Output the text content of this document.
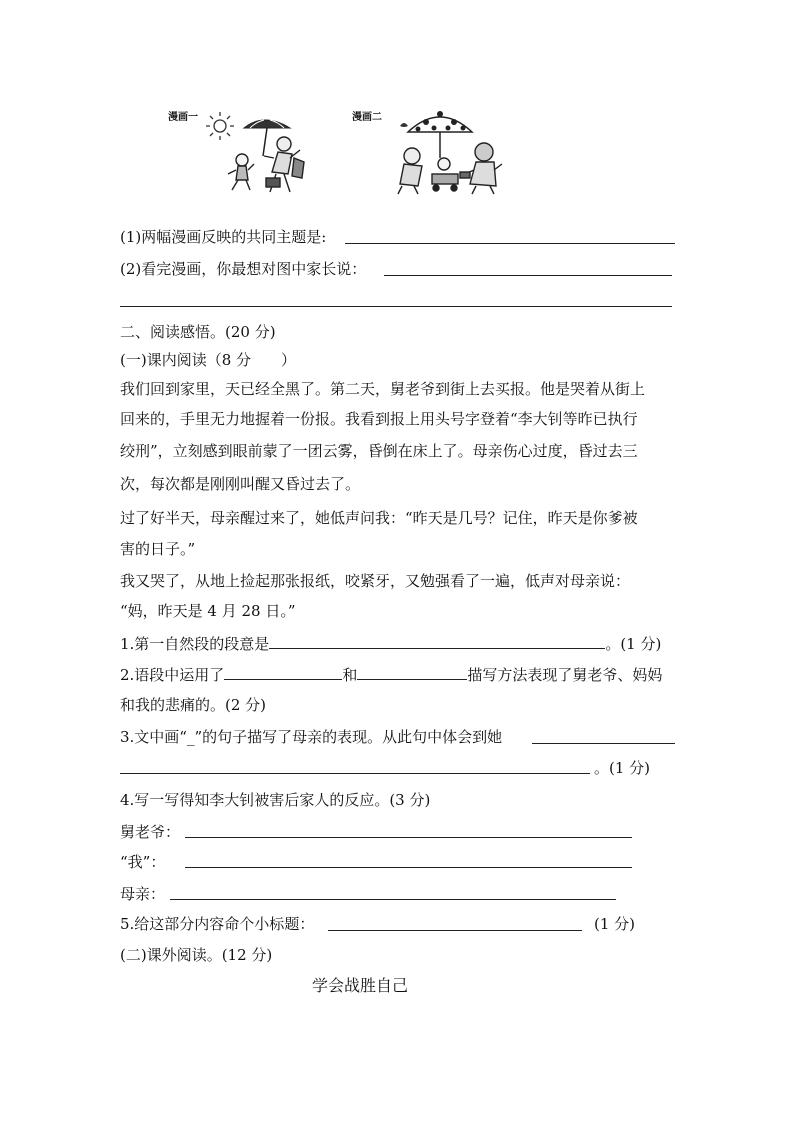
漫画一	漫画二
(1)两幅漫画反映的共同主题是:
(2)看完漫画，你最想对图中家长说：
二、阅读感悟。(20 分)
(一)课内阅读（8 分　　）
我们回到家里，天已经全黑了。第二天，舅老爷到街上去买报。他是哭着从街上
回来的，手里无力地握着一份报。我看到报上用头号字登着“李大钊等昨已执行
绞刑”，立刻感到眼前蒙了一团云雾，昏倒在床上了。母亲伤心过度，昏过去三
次，每次都是刚刚叫醒又昏过去了。
过了好半天，母亲醒过来了，她低声问我：“昨天是几号？记住，昨天是你爹被
害的日子。”
我又哭了，从地上捡起那张报纸，咬紧牙，又勉强看了一遍，低声对母亲说：
“妈，昨天是 4 月 28 日。”
1.第一自然段的段意是	。(1 分)
2.语段中运用了	和	描写方法表现了舅老爷、妈妈
和我的悲痛的。(2 分)
3.文中画“_”的句子描写了母亲的表现。从此句中体会到她
。(1 分)
4.写一写得知李大钊被害后家人的反应。(3 分)
舅老爷：
“我”：
母亲：
5.给这部分内容命个小标题：	(1 分)
(二)课外阅读。(12 分)
学会战胜自己
